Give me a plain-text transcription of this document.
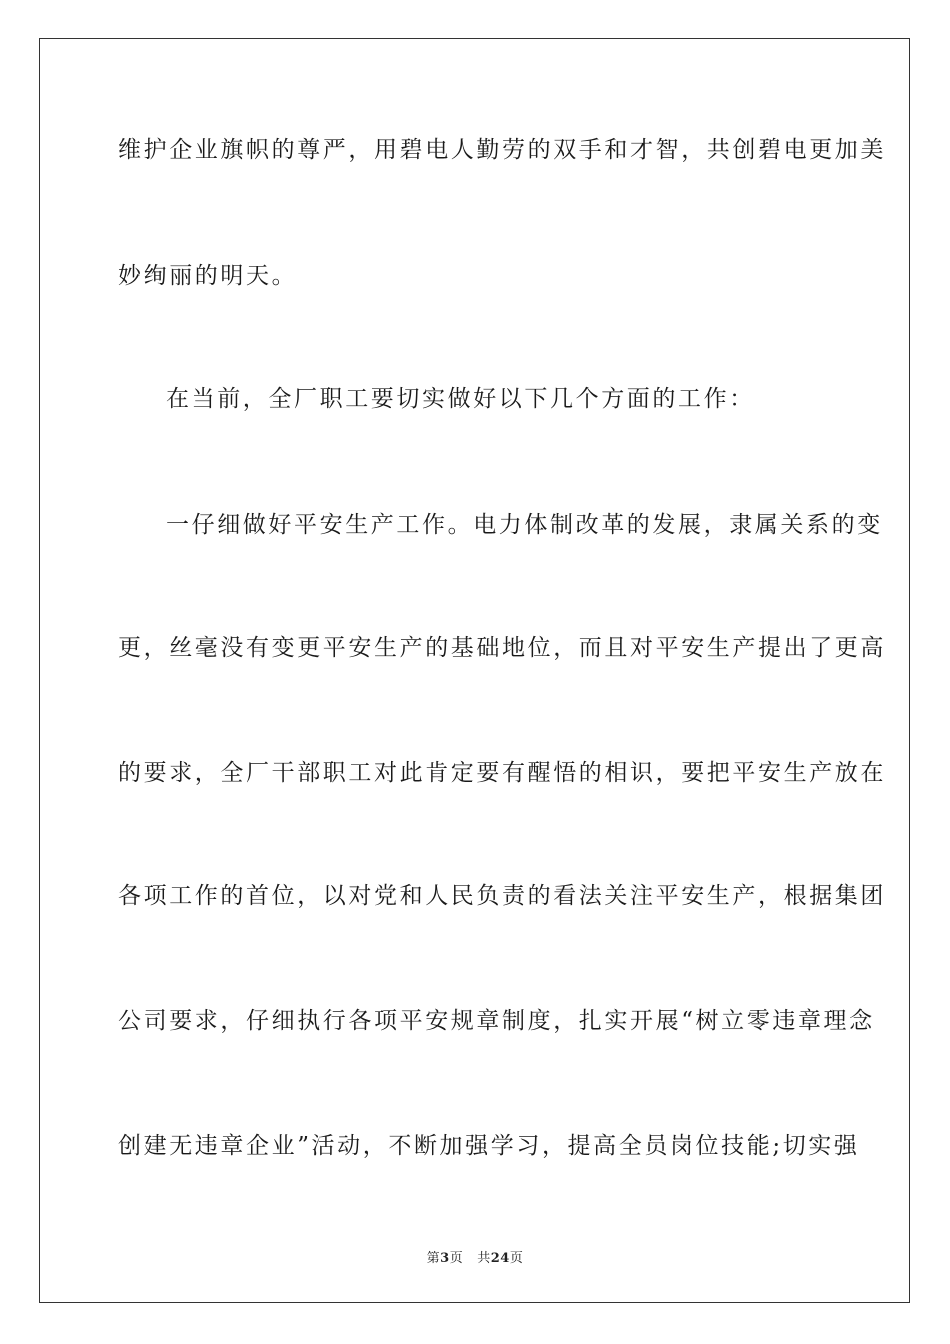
维护企业旗帜的尊严，用碧电人勤劳的双手和才智，共创碧电更加美

妙绚丽的明天。

在当前，全厂职工要切实做好以下几个方面的工作：

一仔细做好平安生产工作。电力体制改革的发展，隶属关系的变

更，丝毫没有变更平安生产的基础地位，而且对平安生产提出了更高

的要求，全厂干部职工对此肯定要有醒悟的相识，要把平安生产放在

各项工作的首位，以对党和人民负责的看法关注平安生产，根据集团

公司要求，仔细执行各项平安规章制度，扎实开展“树立零违章理念

创建无违章企业”活动，不断加强学习，提高全员岗位技能;切实强

第3页 共24页
